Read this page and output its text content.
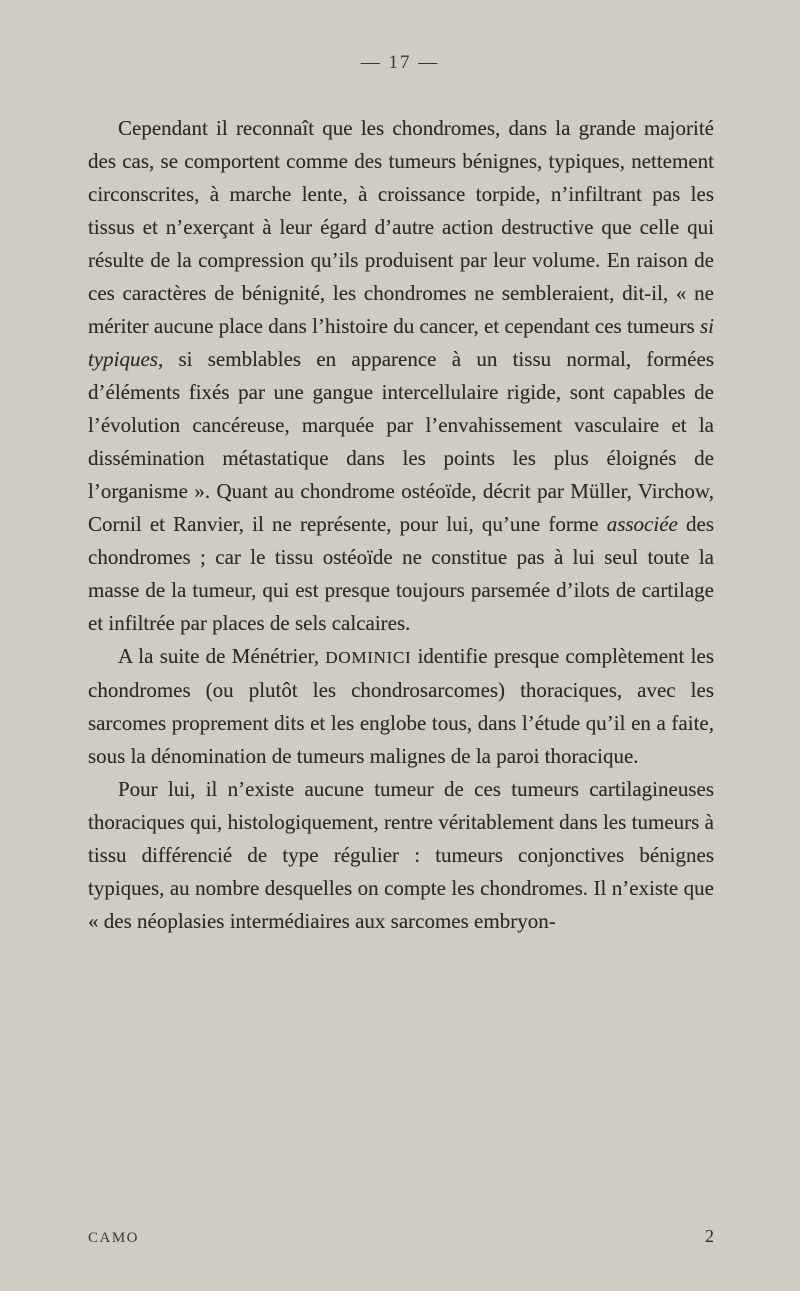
— 17 —

Cependant il reconnaît que les chondromes, dans la grande majorité des cas, se comportent comme des tumeurs bénignes, typiques, nettement circonscrites, à marche lente, à croissance torpide, n’infiltrant pas les tissus et n’exerçant à leur égard d’autre action destructive que celle qui résulte de la compression qu’ils produisent par leur volume. En raison de ces caractères de bénignité, les chondromes ne sembleraient, dit-il, « ne mériter aucune place dans l’histoire du cancer, et cependant ces tumeurs si typiques, si semblables en apparence à un tissu normal, formées d’éléments fixés par une gangue intercellulaire rigide, sont capables de l’évolution cancéreuse, marquée par l’envahissement vasculaire et la dissémination métastatique dans les points les plus éloignés de l’organisme ». Quant au chondrome ostéoïde, décrit par Müller, Virchow, Cornil et Ranvier, il ne représente, pour lui, qu’une forme associée des chondromes ; car le tissu ostéoïde ne constitue pas à lui seul toute la masse de la tumeur, qui est presque toujours parsemée d’ilots de cartilage et infiltrée par places de sels calcaires.

A la suite de Ménétrier, DOMINICI identifie presque complètement les chondromes (ou plutôt les chondrosarcomes) thoraciques, avec les sarcomes proprement dits et les englobe tous, dans l’étude qu’il en a faite, sous la dénomination de tumeurs malignes de la paroi thoracique.

Pour lui, il n’existe aucune tumeur de ces tumeurs cartilagineuses thoraciques qui, histologiquement, rentre véritablement dans les tumeurs à tissu différencié de type régulier : tumeurs conjonctives bénignes typiques, au nombre desquelles on compte les chondromes. Il n’existe que « des néoplasies intermédiaires aux sarcomes embryon-

CAMO	2
